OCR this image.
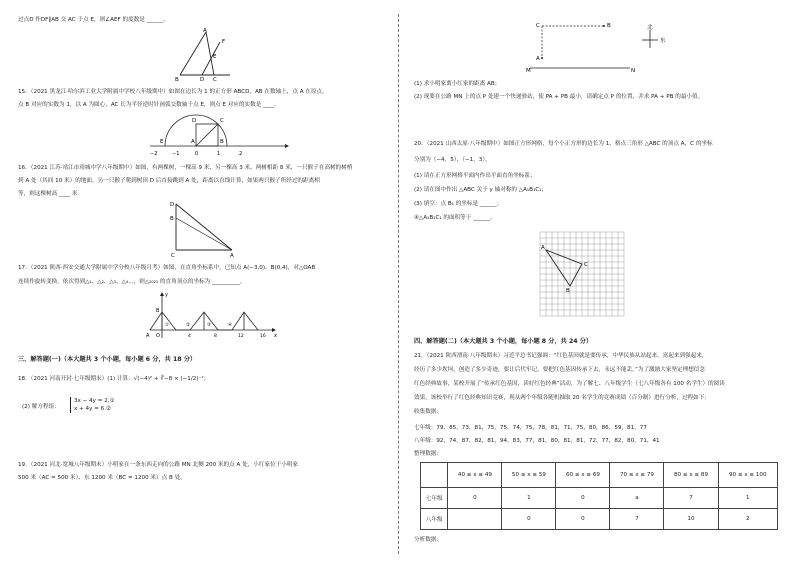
过点D 作DF∥AB 交 AC 于点 E，则∠AEF 的度数是 ______。
A
F
E
B	D C
15．（2021 黑龙江·哈尔滨工业大学附属中学校八年级期中）如图在边长为 1 的正方形 ABCD，AB 在数轴上，点 A 在原点，
点 B 对应的实数为 1，以 A 为圆心，AC 长为半径逆时针画弧交数轴于点 E，则点 E 对应的实数是 ____。
D	C
E	A	B
−2	−1	0	1	2
16．（2021 江苏·靖江市靖城中学八年级期中）如图，有两棵树，一棵高 9 米，另一棵高 3 米，两树相距 8 米，一只猴子在高树的树梢
到 A 处（其间 10 米）的地面。另一只猴子爬到树顶 D 后直接跳到 A 处，距离以直线计算，如果两只猴子所经过的距离相
等，则这棵树高 ____ 米
D
B
C	A
17．（2021 陕西·西安交通大学附属中学分校八年级月考）如图，在直角坐标系中，已知点 A(−3,0)、B(0,4)，对△OAB
连续作旋转变换，依次得到△₁、△₂、△₃、△₄…，则△₂₀₂₁ 的直角顶点的坐标为 __________。
y
B
O
A	x
①	②	③	④
4	8	12	16
三、解答题(一)（本大题共 3 个小题，每小题 6 分，共 18 分）
18．（2021 河南开封·七年级期末）(1) 计算：√(−4)² + ∛−8 × (−1/2)⁻²；
(2) 解方程组：
3x − 4y = 2,①
x + 4y = 6.②
19．（2021 河北·宽城八年级期末）小明家在一条东西走向的公路 MN 北侧 200 米的点 A 处，小红家位于小明家
500 米（AC = 500 米）、东 1200 米（BC = 1200 米）点 B 处。
C	B
A
M	N
北
东
(1) 求小明家离小红家的距离 AB；
(2) 现要在公路 MN 上的点 P 处建一个快递驿站，使 PA + PB 最小，请确定点 P 的位置，并求 PA + PB 的最小值。
20．（2021 山西太原·八年级期中）如图正方形网格，每个小正方形的边长为 1，格点三角形 △ABC 的顶点 A，C 的坐标
分别为（−4，5），（−1，3）。
(1) 请在正方形网格平面内作出平面直角坐标系；
(2) 请在图中作出 △ABC 关于 y 轴对称的 △A₁B₁C₁；
(3) 填空：点 B₁ 的坐标是 ______；
④△A₁B₁C₁ 的面积等于 ______。
A
C
B
四、解答题(二)（本大题共 3 个小题，每小题 8 分，共 24 分）
21．（2021 陕西渭南·八年级期末）习近平总书记强调：“红色基因就是要传承，中华民族从站起来、富起来到强起来，
经历了多少坎坷，创造了多少奇迹，要让后代牢记，要把红色基因传承下去，永远不能丢。”为了激励大家坚定理想信念
红色经典故事，某校开展了“传承红色基因，读好红色经典”活动，为了解七、八年级学生（七八年级各有 100 名学生）的阅读
效果，该校举行了红色经典知识竞赛，现从两个年级各随机抽取 20 名学生的竞赛成绩（百分制）进行分析，过程如下：
收集数据：
七年级：79，85，73，81，75，75，74，75，78，81，71，75，80，86，59，81，77
八年级：92，74，87，82，81，94，83，77，81，80，81，81，72，77，82，80，71，41
整理数据：
	40 ≤ x ≤ 49	50 ≤ x ≤ 59	60 ≤ x ≤ 69	70 ≤ x ≤ 79	80 ≤ x ≤ 89	90 ≤ x ≤ 100
七年级	0	1	0	a	7	1
八年级		0	0	7	10	2
分析数据：
